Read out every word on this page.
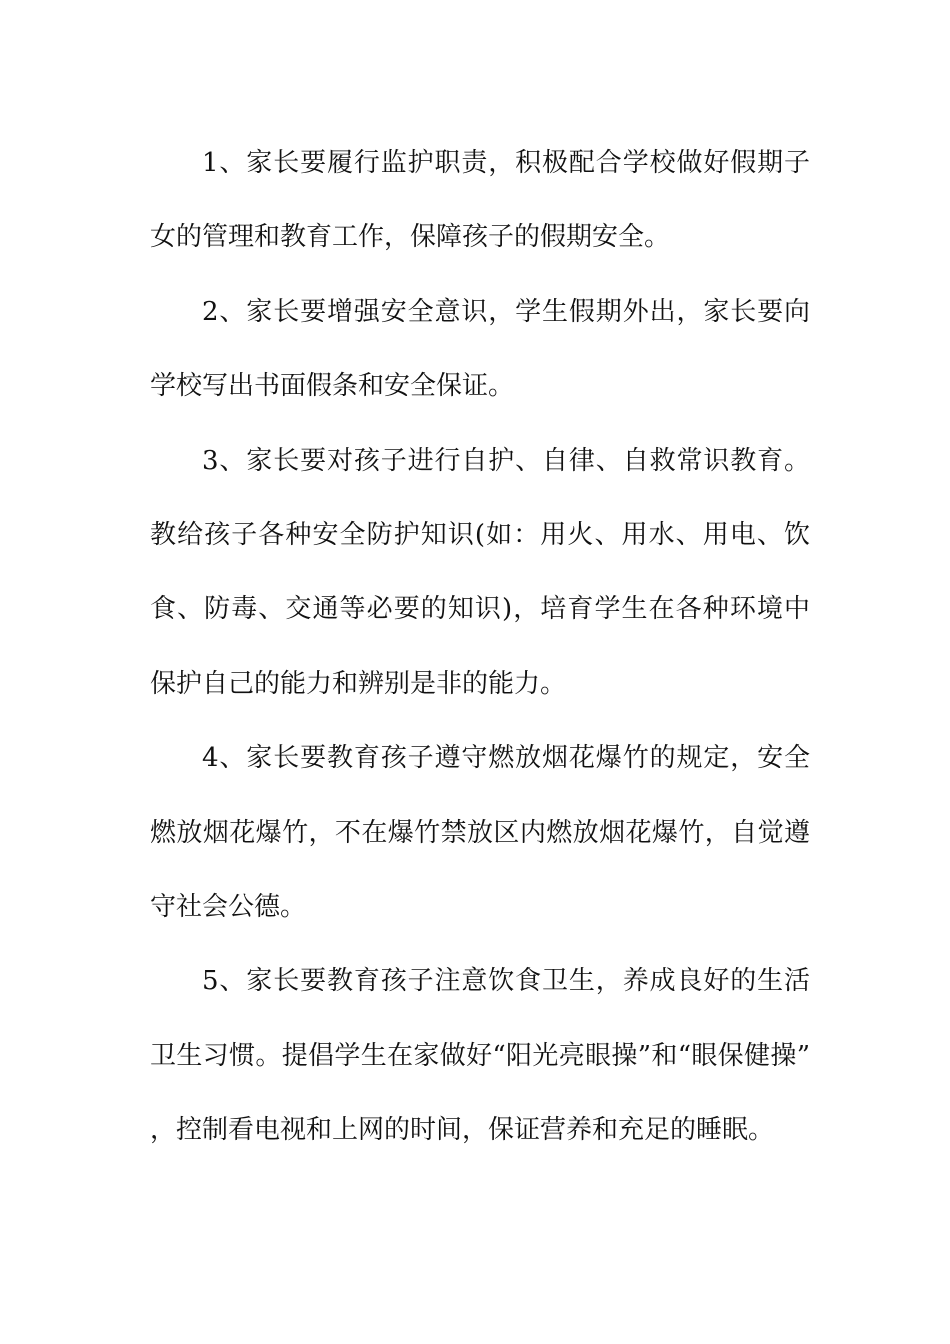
1、家长要履行监护职责，积极配合学校做好假期子女的管理和教育工作，保障孩子的假期安全。

2、家长要增强安全意识，学生假期外出，家长要向学校写出书面假条和安全保证。

3、家长要对孩子进行自护、自律、自救常识教育。教给孩子各种安全防护知识(如：用火、用水、用电、饮食、防毒、交通等必要的知识)，培育学生在各种环境中保护自己的能力和辨别是非的能力。

4、家长要教育孩子遵守燃放烟花爆竹的规定，安全燃放烟花爆竹，不在爆竹禁放区内燃放烟花爆竹，自觉遵守社会公德。

5、家长要教育孩子注意饮食卫生，养成良好的生活卫生习惯。提倡学生在家做好“阳光亮眼操”和“眼保健操”，控制看电视和上网的时间，保证营养和充足的睡眠。
